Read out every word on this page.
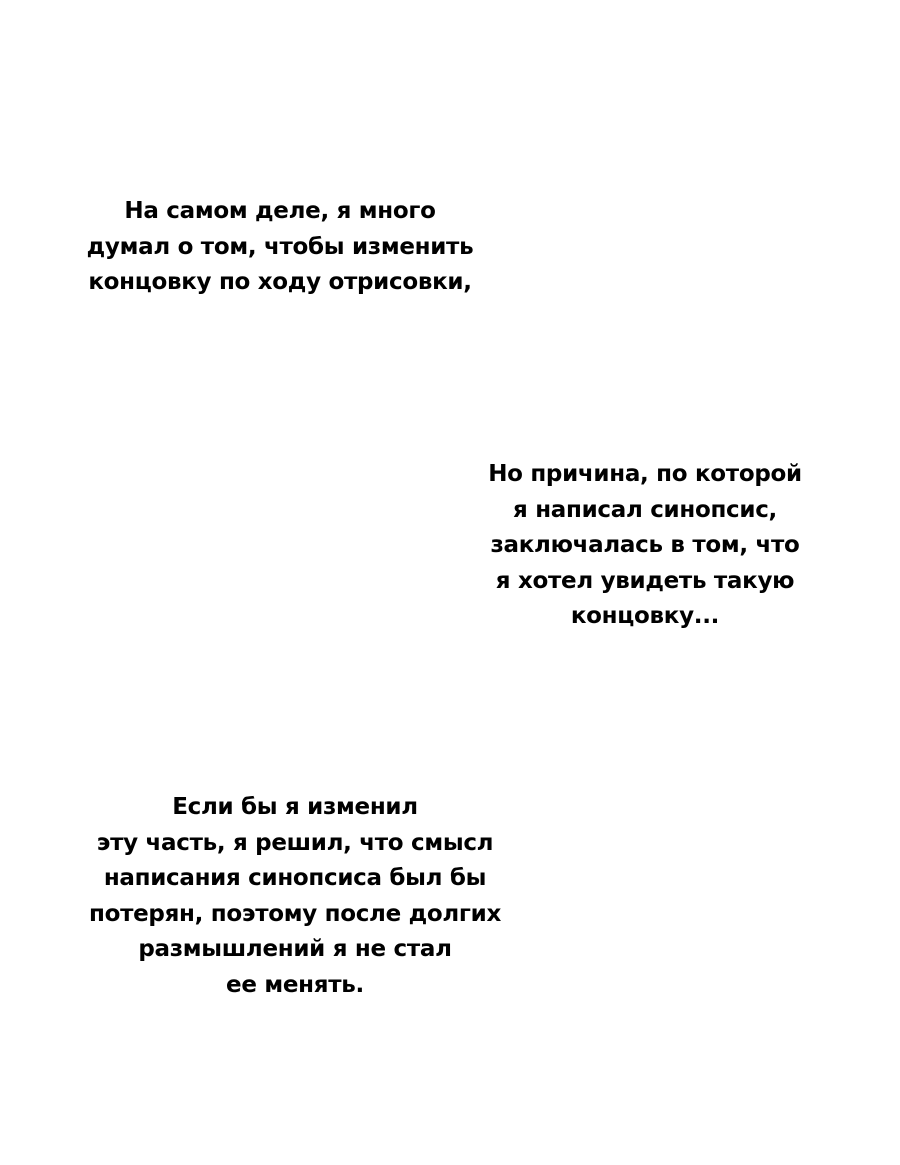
На самом деле, я много
думал о том, чтобы изменить
концовку по ходу отрисовки,
Но причина, по которой
я написал синопсис,
заключалась в том, что
я хотел увидеть такую
концовку...
Если бы я изменил
эту часть, я решил, что смысл
написания синопсиса был бы
потерян, поэтому после долгих
размышлений я не стал
ее менять.
